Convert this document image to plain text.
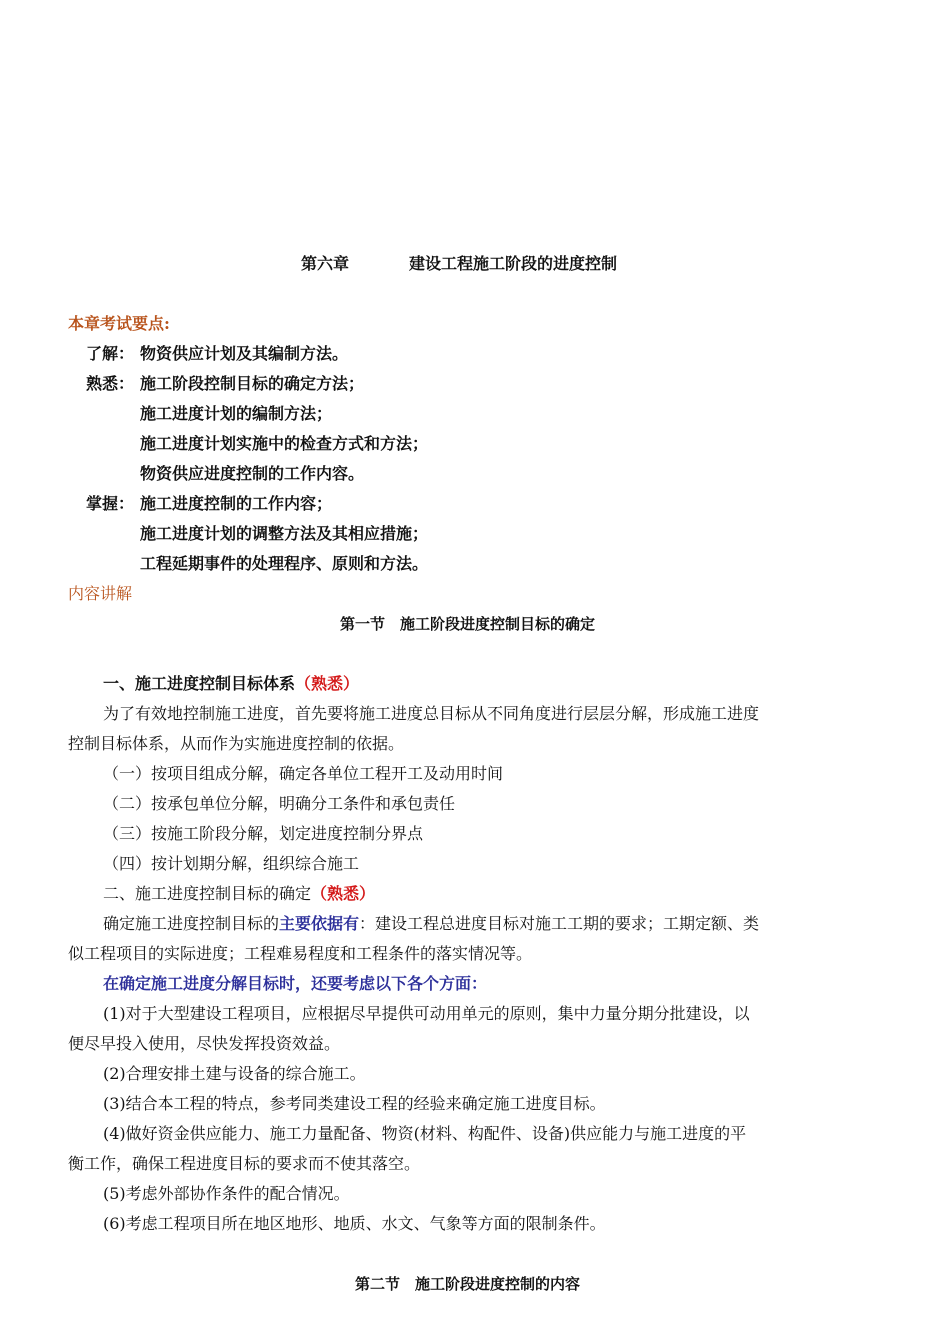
第六章	建设工程施工阶段的进度控制
本章考试要点:
了解： 物资供应计划及其编制方法。
熟悉： 施工阶段控制目标的确定方法；
施工进度计划的编制方法；
施工进度计划实施中的检查方式和方法；
物资供应进度控制的工作内容。
掌握： 施工进度控制的工作内容；
施工进度计划的调整方法及其相应措施；
工程延期事件的处理程序、原则和方法。
内容讲解
第一节　施工阶段进度控制目标的确定
一、施工进度控制目标体系（熟悉）
为了有效地控制施工进度，首先要将施工进度总目标从不同角度进行层层分解，形成施工进度
控制目标体系，从而作为实施进度控制的依据。
（一）按项目组成分解，确定各单位工程开工及动用时间
（二）按承包单位分解，明确分工条件和承包责任
（三）按施工阶段分解，划定进度控制分界点
（四）按计划期分解，组织综合施工
二、施工进度控制目标的确定（熟悉）
确定施工进度控制目标的主要依据有：建设工程总进度目标对施工工期的要求；工期定额、类
似工程项目的实际进度；工程难易程度和工程条件的落实情况等。
在确定施工进度分解目标时，还要考虑以下各个方面：
(1)对于大型建设工程项目，应根据尽早提供可动用单元的原则，集中力量分期分批建设，以
便尽早投入使用，尽快发挥投资效益。
(2)合理安排土建与设备的综合施工。
(3)结合本工程的特点，参考同类建设工程的经验来确定施工进度目标。
(4)做好资金供应能力、施工力量配备、物资(材料、构配件、设备)供应能力与施工进度的平
衡工作，确保工程进度目标的要求而不使其落空。
(5)考虑外部协作条件的配合情况。
(6)考虑工程项目所在地区地形、地质、水文、气象等方面的限制条件。
第二节　施工阶段进度控制的内容
